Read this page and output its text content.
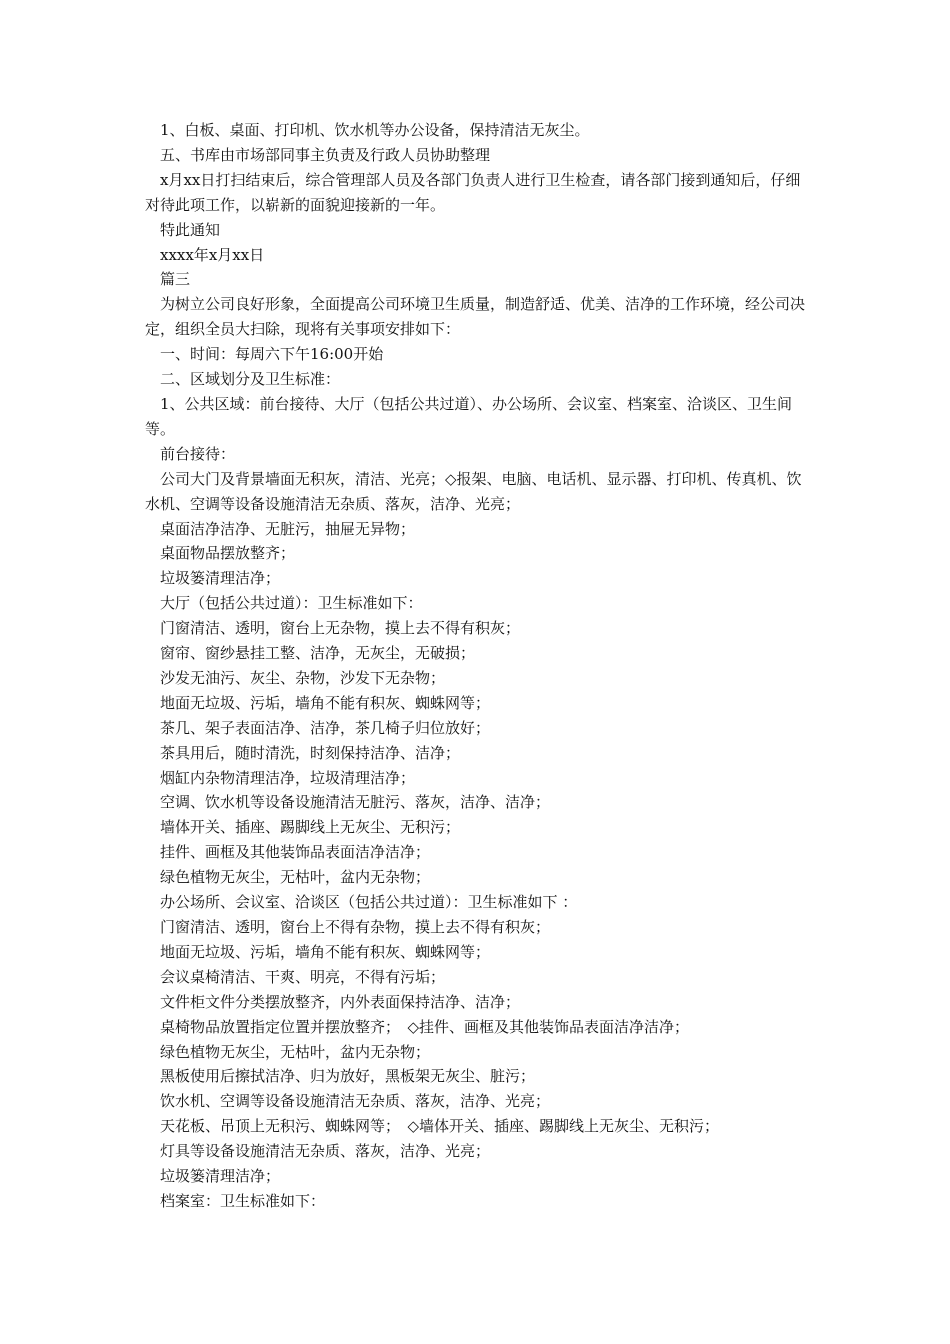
1、白板、桌面、打印机、饮水机等办公设备，保持清洁无灰尘。

五、书库由市场部同事主负责及行政人员协助整理

x月xx日打扫结束后，综合管理部人员及各部门负责人进行卫生检查，请各部门接到通知后，仔细对待此项工作，以崭新的面貌迎接新的一年。

特此通知

xxxx年x月xx日

篇三

为树立公司良好形象，全面提高公司环境卫生质量，制造舒适、优美、洁净的工作环境，经公司决定，组织全员大扫除，现将有关事项安排如下：

一、时间：每周六下午16:00开始

二、区域划分及卫生标准：

1、公共区域：前台接待、大厅（包括公共过道）、办公场所、会议室、档案室、洽谈区、卫生间等。

前台接待：

公司大门及背景墙面无积灰，清洁、光亮；◇报架、电脑、电话机、显示器、打印机、传真机、饮水机、空调等设备设施清洁无杂质、落灰，洁净、光亮；

桌面洁净洁净、无脏污，抽屉无异物；

桌面物品摆放整齐；

垃圾篓清理洁净；

大厅（包括公共过道）：卫生标准如下：

门窗清洁、透明，窗台上无杂物，摸上去不得有积灰；

窗帘、窗纱悬挂工整、洁净，无灰尘，无破损；

沙发无油污、灰尘、杂物，沙发下无杂物；

地面无垃圾、污垢，墙角不能有积灰、蜘蛛网等；

茶几、架子表面洁净、洁净，茶几椅子归位放好；

茶具用后，随时清洗，时刻保持洁净、洁净；

烟缸内杂物清理洁净，垃圾清理洁净；

空调、饮水机等设备设施清洁无脏污、落灰，洁净、洁净；

墙体开关、插座、踢脚线上无灰尘、无积污；

挂件、画框及其他装饰品表面洁净洁净；

绿色植物无灰尘，无枯叶，盆内无杂物；

办公场所、会议室、洽谈区（包括公共过道）：卫生标准如下 ：

门窗清洁、透明，窗台上不得有杂物，摸上去不得有积灰；

地面无垃圾、污垢，墙角不能有积灰、蜘蛛网等；

会议桌椅清洁、干爽、明亮，不得有污垢；

文件柜文件分类摆放整齐，内外表面保持洁净、洁净；

桌椅物品放置指定位置并摆放整齐；　◇挂件、画框及其他装饰品表面洁净洁净；

绿色植物无灰尘，无枯叶，盆内无杂物；

黑板使用后擦拭洁净、归为放好，黑板架无灰尘、脏污；

饮水机、空调等设备设施清洁无杂质、落灰，洁净、光亮；

天花板、吊顶上无积污、蜘蛛网等；　◇墙体开关、插座、踢脚线上无灰尘、无积污；

灯具等设备设施清洁无杂质、落灰，洁净、光亮；

垃圾篓清理洁净；

档案室：卫生标准如下：
